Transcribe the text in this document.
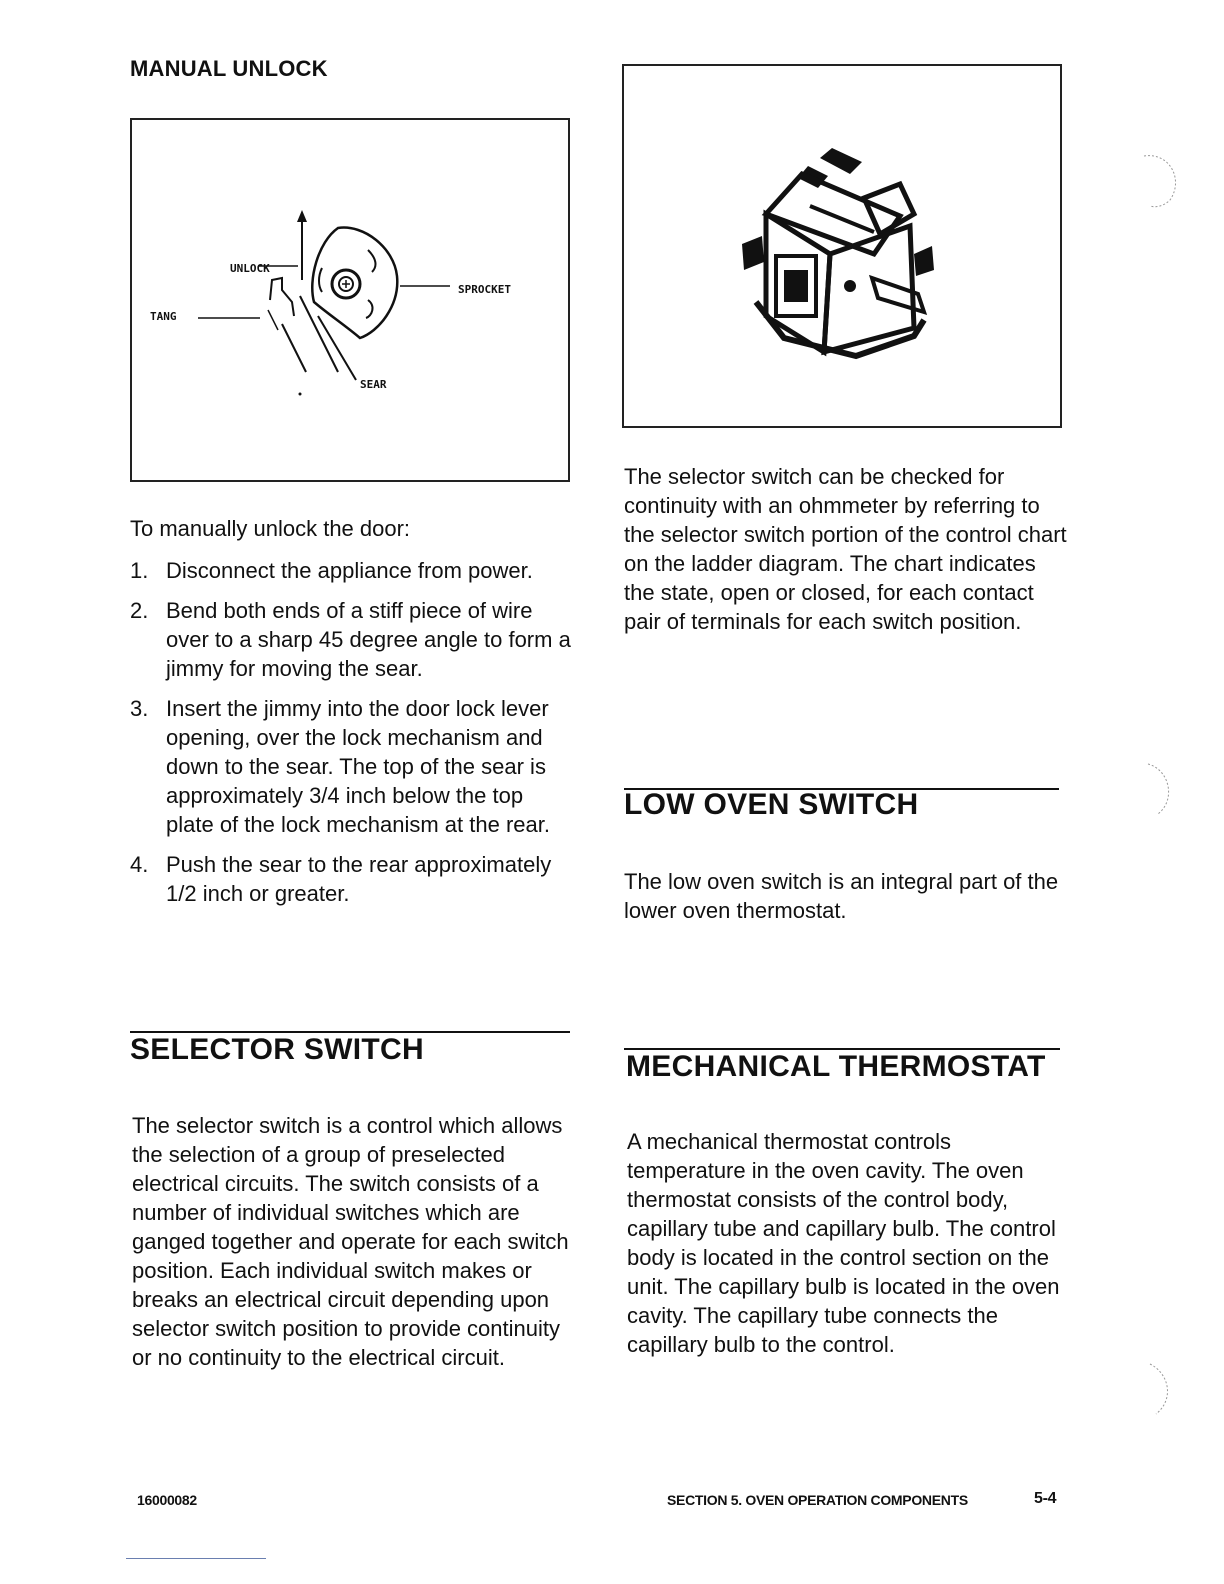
MANUAL UNLOCK
UNLOCK
TANG
SPROCKET
SEAR
To manually unlock the door:
1. Disconnect the appliance from power.
2. Bend both ends of a stiff piece of wire over to a sharp 45 degree angle to form a jimmy for moving the sear.
3. Insert the jimmy into the door lock lever opening, over the lock mechanism and down to the sear. The top of the sear is approximately 3/4 inch below the top plate of the lock mechanism at the rear.
4. Push the sear to the rear approximately 1/2 inch or greater.
SELECTOR SWITCH
The selector switch is a control which allows the selection of a group of preselected electrical circuits. The switch consists of a number of individual switches which are ganged together and operate for each switch position. Each individual switch makes or breaks an electrical circuit depending upon selector switch position to provide continuity or no continuity to the electrical circuit.
The selector switch can be checked for continuity with an ohmmeter by referring to the selector switch portion of the control chart on the ladder diagram. The chart indicates the state, open or closed, for each contact pair of terminals for each switch position.
LOW OVEN SWITCH
The low oven switch is an integral part of the lower oven thermostat.
MECHANICAL THERMOSTAT
A mechanical thermostat controls temperature in the oven cavity. The oven thermostat consists of the control body, capillary tube and capillary bulb. The control body is located in the control section on the unit. The capillary bulb is located in the oven cavity. The capillary tube connects the capillary bulb to the control.
16000082	SECTION 5. OVEN OPERATION COMPONENTS	5-4
